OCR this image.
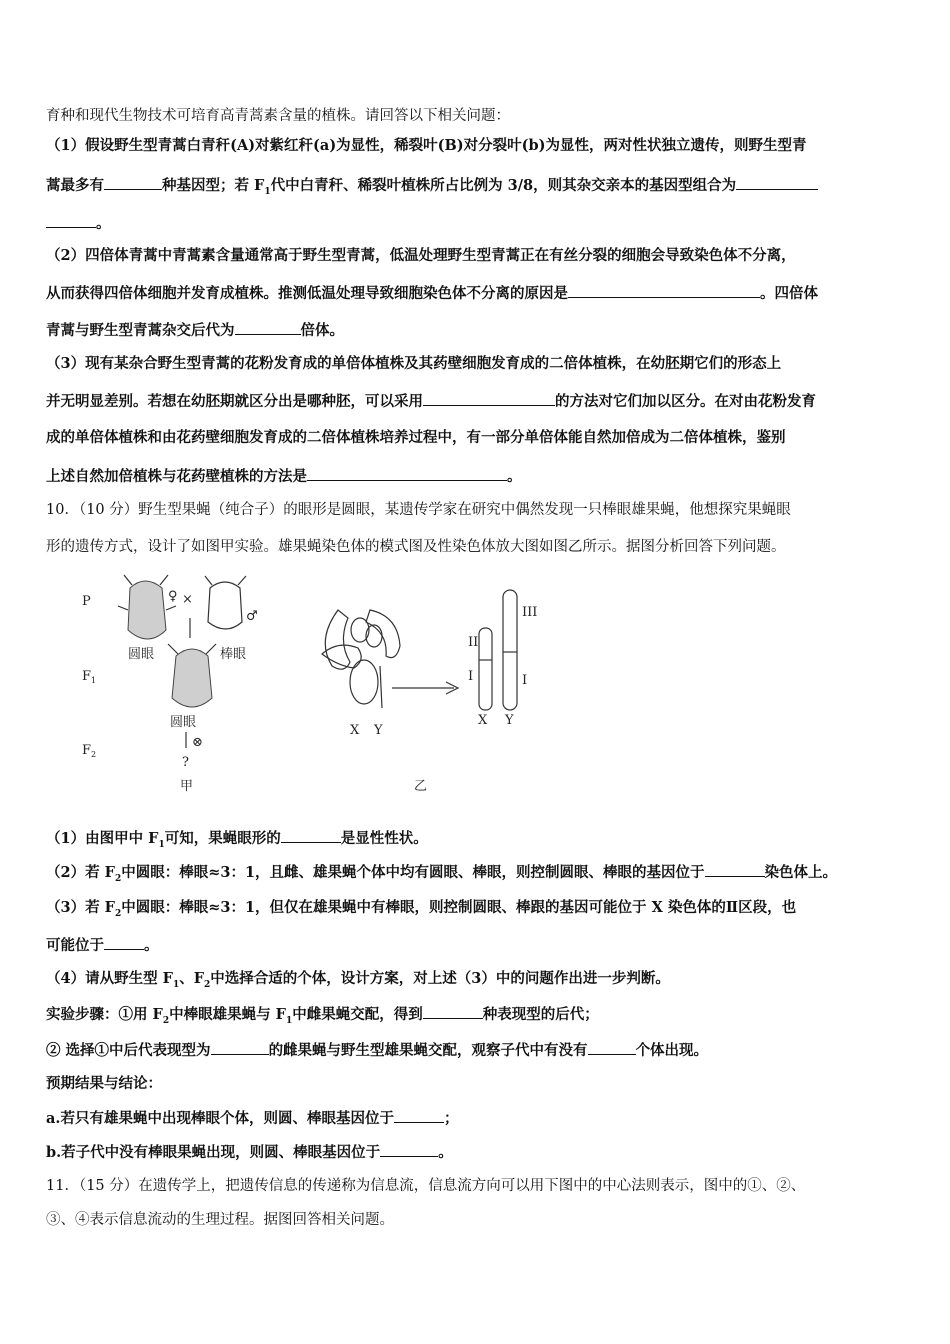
育种和现代生物技术可培育高青蒿素含量的植株。请回答以下相关问题：
（1）假设野生型青蒿白青秆(A)对紫红秆(a)为显性，稀裂叶(B)对分裂叶(b)为显性，两对性状独立遗传，则野生型青
蒿最多有	种基因型；若 $F_1$代中白青秆、稀裂叶植株所占比例为 3/8，则其杂交亲本的基因型组合为
。
（2）四倍体青蒿中青蒿素含量通常高于野生型青蒿，低温处理野生型青蒿正在有丝分裂的细胞会导致染色体不分离，
从而获得四倍体细胞并发育成植株。推测低温处理导致细胞染色体不分离的原因是	。四倍体
青蒿与野生型青蒿杂交后代为	倍体。
（3）现有某杂合野生型青蒿的花粉发育成的单倍体植株及其药壁细胞发育成的二倍体植株，在幼胚期它们的形态上
并无明显差别。若想在幼胚期就区分出是哪种胚，可以采用	的方法对它们加以区分。在对由花粉发育
成的单倍体植株和由花药壁细胞发育成的二倍体植株培养过程中，有一部分单倍体能自然加倍成为二倍体植株，鉴别
上述自然加倍植株与花药壁植株的方法是	。
10．（10 分）野生型果蝇（纯合子）的眼形是圆眼，某遗传学家在研究中偶然发现一只棒眼雄果蝇，他想探究果蝇眼
形的遗传方式，设计了如图甲实验。雄果蝇染色体的模式图及性染色体放大图如图乙所示。据图分析回答下列问题。
P
$F_1$
$F_2$
♀ ×
♂
圆眼	棒眼
圆眼
⊗
?
甲
X Y
II
I
III
I
X Y
乙
（1）由图甲中 $F_1$可知，果蝇眼形的	是显性性状。
（2）若 $F_2$中圆眼：棒眼≈3：1，且雌、雄果蝇个体中均有圆眼、棒眼，则控制圆眼、棒眼的基因位于	染色体上。
（3）若 $F_2$中圆眼：棒眼≈3：1，但仅在雄果蝇中有棒眼，则控制圆眼、棒跟的基因可能位于 X 染色体的Ⅱ区段，也
可能位于	。
（4）请从野生型 $F_1$、$F_2$中选择合适的个体，设计方案，对上述（3）中的问题作出进一步判断。
实验步骤：①用 $F_2$中棒眼雄果蝇与 $F_1$中雌果蝇交配，得到	种表现型的后代；
② 选择①中后代表现型为	的雌果蝇与野生型雄果蝇交配，观察子代中有没有	个体出现。
预期结果与结论：
a.若只有雄果蝇中出现棒眼个体，则圆、棒眼基因位于	；
b.若子代中没有棒眼果蝇出现，则圆、棒眼基因位于	。
11．（15 分）在遗传学上，把遗传信息的传递称为信息流，信息流方向可以用下图中的中心法则表示，图中的①、②、
③、④表示信息流动的生理过程。据图回答相关问题。
